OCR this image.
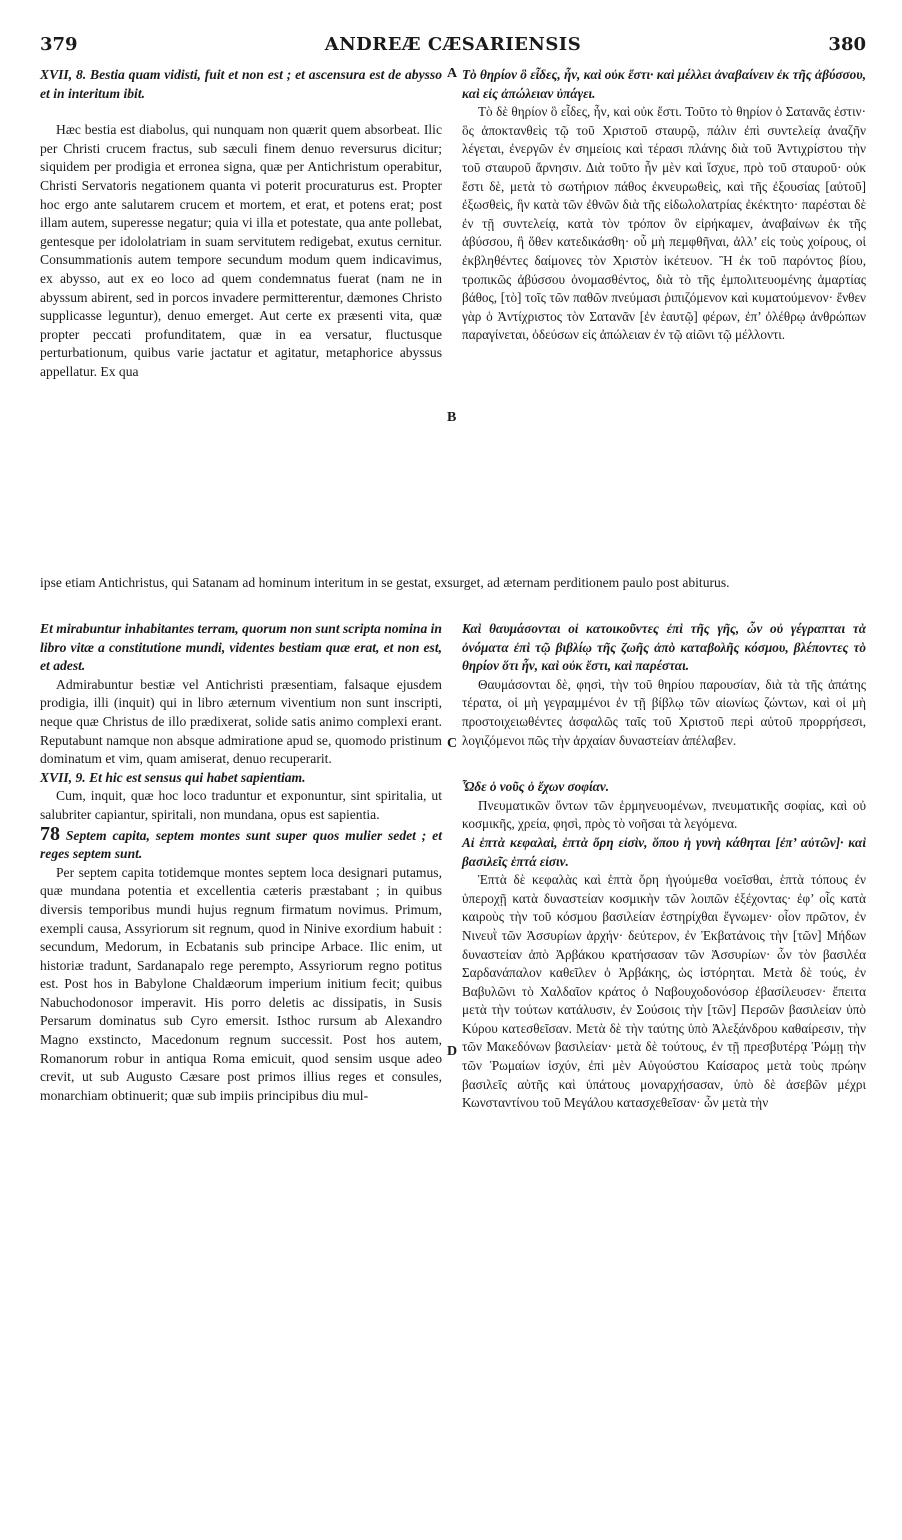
379	ANDREÆ CÆSARIENSIS	380
A
B
C
D

XVII, 8. Bestia quam vidisti, fuit et non est ; et ascensura est de abysso et in interitum ibit.

Hæc bestia est diabolus, qui nunquam non quærit quem absorbeat. Ilic per Christi crucem fractus, sub sæculi finem denuo reversurus dicitur; siquidem per prodigia et erronea signa, quæ per Antichristum operabitur, Christi Servatoris negationem quanta vi poterit procuraturus est. Propter hoc ergo ante salutarem crucem et mortem, et erat, et potens erat; post illam autem, superesse negatur; quia vi illa et potestate, qua ante pollebat, gentesque per idololatriam in suam servitutem redigebat, exutus cernitur. Consummationis autem tempore secundum modum quem indicavimus, ex abysso, aut ex eo loco ad quem condemnatus fuerat (nam ne in abyssum abirent, sed in porcos invadere permitterentur, dæmones Christo supplicasse leguntur), denuo emerget. Aut certe ex præsenti vita, quæ propter peccati profunditatem, quæ in ea versatur, fluctusque perturbationum, quibus varie jactatur et agitatur, metaphorice abyssus appellatur. Ex qua

Τὸ θηρίον ὃ εἶδες, ἦν, καὶ οὐκ ἔστι· καὶ μέλλει ἀναβαίνειν ἐκ τῆς ἀβύσσου, καὶ εἰς ἀπώλειαν ὑπάγει.

Τὸ δὲ θηρίον ὃ εἶδες, ἦν, καὶ οὐκ ἔστι. Τοῦτο τὸ θηρίον ὁ Σατανᾶς ἐστιν· ὃς ἀποκτανθεὶς τῷ τοῦ Χριστοῦ σταυρῷ, πάλιν ἐπὶ συντελείᾳ ἀναζῆν λέγεται, ἐνεργῶν ἐν σημείοις καὶ τέρασι πλάνης διὰ τοῦ Ἀντιχρίστου τὴν τοῦ σταυροῦ ἄρνησιν. Διὰ τοῦτο ἦν μὲν καὶ ἴσχυε, πρὸ τοῦ σταυροῦ· οὐκ ἔστι δὲ, μετὰ τὸ σωτήριον πάθος ἐκνευρωθεὶς, καὶ τῆς ἐξουσίας [αὐτοῦ] ἐξωσθεὶς, ἣν κατὰ τῶν ἐθνῶν διὰ τῆς εἰδωλολατρίας ἐκέκτητο· παρέσται δὲ ἐν τῇ συντελείᾳ, κατὰ τὸν τρόπον ὃν εἰρήκαμεν, ἀναβαίνων ἐκ τῆς ἀβύσσου, ἢ ὅθεν κατεδικάσθη· οὗ μὴ πεμφθῆναι, ἀλλ’ εἰς τοὺς χοίρους, οἱ ἐκβληθέντες δαίμονες τὸν Χριστὸν ἱκέτευον. Ἢ ἐκ τοῦ παρόντος βίου, τροπικῶς ἀβύσσου ὀνομασθέντος, διὰ τὸ τῆς ἐμπολιτευομένης ἁμαρτίας βάθος, [τὸ] τοῖς τῶν παθῶν πνεύμασι ῥιπιζόμενον καὶ κυματούμενον· ἔνθεν γὰρ ὁ Ἀντίχριστος τὸν Σατανᾶν [ἐν ἑαυτῷ] φέρων, ἐπ’ ὀλέθρῳ ἀνθρώπων παραγίνεται, ὀδεύσων εἰς ἀπώλειαν ἐν τῷ αἰῶνι τῷ μέλλοντι.

ipse etiam Antichristus, qui Satanam ad hominum interitum in se gestat, exsurget, ad æternam perditionem paulo post abiturus.

Et mirabuntur inhabitantes terram, quorum non sunt scripta nomina in libro vitæ a constitutione mundi, videntes bestiam quæ erat, et non est, et adest.

Admirabuntur bestiæ vel Antichristi præsentiam, falsaque ejusdem prodigia, illi (inquit) qui in libro æternum viventium non sunt inscripti, neque quæ Christus de illo prædixerat, solide satis animo complexi erant. Reputabunt namque non absque admiratione apud se, quomodo pristinum dominatum et vim, quam amiserat, denuo recuperarit.

XVII, 9. Et hic est sensus qui habet sapientiam.

Cum, inquit, quæ hoc loco traduntur et exponuntur, sint spiritalia, ut salubriter capiantur, spiritali, non mundana, opus est sapientia.

78 Septem capita, septem montes sunt super quos mulier sedet ; et reges septem sunt.

Per septem capita totidemque montes septem loca designari putamus, quæ mundana potentia et excellentia cæteris præstabant ; in quibus diversis temporibus mundi hujus regnum firmatum novimus. Primum, exempli causa, Assyriorum sit regnum, quod in Ninive exordium habuit : secundum, Medorum, in Ecbatanis sub principe Arbace. Ilic enim, ut historiæ tradunt, Sardanapalo rege perempto, Assyriorum regno potitus est. Post hos in Babylone Chaldæorum imperium initium fecit; quibus Nabuchodonosor imperavit. His porro deletis ac dissipatis, in Susis Persarum dominatus sub Cyro emersit. Isthoc rursum ab Alexandro Magno exstincto, Macedonum regnum successit. Post hos autem, Romanorum robur in antiqua Roma emicuit, quod sensim usque adeo crevit, ut sub Augusto Cæsare post primos illius reges et consules, monarchiam obtinuerit; quæ sub impiis principibus diu mul-

Καὶ θαυμάσονται οἱ κατοικοῦντες ἐπὶ τῆς γῆς, ὧν οὐ γέγραπται τὰ ὀνόματα ἐπὶ τῷ βιβλίῳ τῆς ζωῆς ἀπὸ καταβολῆς κόσμου, βλέποντες τὸ θηρίον ὅτι ἦν, καὶ οὐκ ἔστι, καὶ παρέσται.

Θαυμάσονται δὲ, φησὶ, τὴν τοῦ θηρίου παρουσίαν, διὰ τὰ τῆς ἀπάτης τέρατα, οἱ μὴ γεγραμμένοι ἐν τῇ βίβλῳ τῶν αἰωνίως ζώντων, καὶ οἱ μὴ προστοιχειωθέντες ἀσφαλῶς ταῖς τοῦ Χριστοῦ περὶ αὐτοῦ προρρήσεσι, λογιζόμενοι πῶς τὴν ἀρχαίαν δυναστείαν ἀπέλαβεν.

Ὧδε ὁ νοῦς ὁ ἔχων σοφίαν.

Πνευματικῶν ὄντων τῶν ἑρμηνευομένων, πνευματικῆς σοφίας, καὶ οὐ κοσμικῆς, χρεία, φησὶ, πρὸς τὸ νοῆσαι τὰ λεγόμενα.

Αἱ ἑπτὰ κεφαλαὶ, ἑπτὰ ὄρη εἰσὶν, ὅπου ἡ γυνὴ κάθηται [ἐπ’ αὐτῶν]· καὶ βασιλεῖς ἑπτά εἰσιν.

Ἑπτὰ δὲ κεφαλὰς καὶ ἑπτὰ ὄρη ἡγούμεθα νοεῖσθαι, ἑπτὰ τόπους ἐν ὑπεροχῇ κατὰ δυναστείαν κοσμικὴν τῶν λοιπῶν ἐξέχοντας· ἐφ’ οἷς κατὰ καιροὺς τὴν τοῦ κόσμου βασιλείαν ἐστηρίχθαι ἔγνωμεν· οἷον πρῶτον, ἐν Νινευῒ τῶν Ἀσσυρίων ἀρχήν· δεύτερον, ἐν Ἐκβατάνοις τὴν [τῶν] Μήδων δυναστείαν ἀπὸ Ἀρβάκου κρατήσασαν τῶν Ἀσσυρίων· ὧν τὸν βασιλέα Σαρδανάπαλον καθεῖλεν ὁ Ἀρβάκης, ὡς ἱστόρηται. Μετὰ δὲ τούς, ἐν Βαβυλῶνι τὸ Χαλδαῖον κράτος ὁ Ναβουχοδονόσορ ἐβασίλευσεν· ἔπειτα μετὰ τὴν τούτων κατάλυσιν, ἐν Σούσοις τὴν [τῶν] Περσῶν βασιλείαν ὑπὸ Κύρου κατεσθεῖσαν. Μετὰ δὲ τὴν ταύτης ὑπὸ Ἀλεξάνδρου καθαίρεσιν, τὴν τῶν Μακεδόνων βασιλείαν· μετὰ δὲ τούτους, ἐν τῇ πρεσβυτέρᾳ Ῥώμῃ τὴν τῶν Ῥωμαίων ἰσχύν, ἐπὶ μὲν Αὐγούστου Καίσαρος μετὰ τοὺς πρώην βασιλεῖς αὐτῆς καὶ ὑπάτους μοναρχήσασαν, ὑπὸ δὲ ἀσεβῶν μέχρι Κωνσταντίνου τοῦ Μεγάλου κατασχεθεῖσαν· ὧν μετὰ τὴν
